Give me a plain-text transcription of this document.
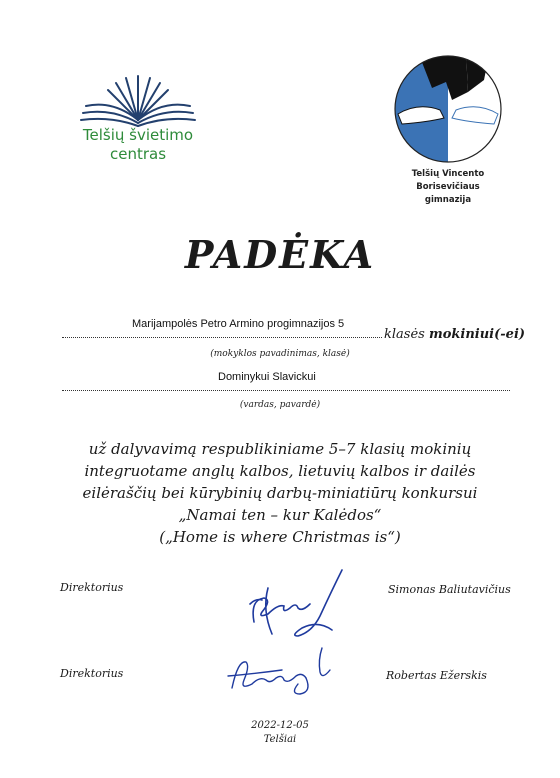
Telšių švietimo
centras
Telšių Vincento Borisevičiaus
gimnazija
PADĖKA
Marijampolės Petro Armino progimnazijos 5
klasės mokiniui(-ei)
(mokyklos pavadinimas, klasė)
Dominykui Slavickui
(vardas, pavardė)
už dalyvavimą respublikiniame 5–7 klasių mokinių
integruotame anglų kalbos, lietuvių kalbos ir dailės
eilėraščių bei kūrybinių darbų-miniatiūrų konkursui
„Namai ten – kur Kalėdos“
(„Home is where Christmas is“)
Direktorius	Simonas Baliutavičius
Direktorius	Robertas Ežerskis
2022-12-05
Telšiai
